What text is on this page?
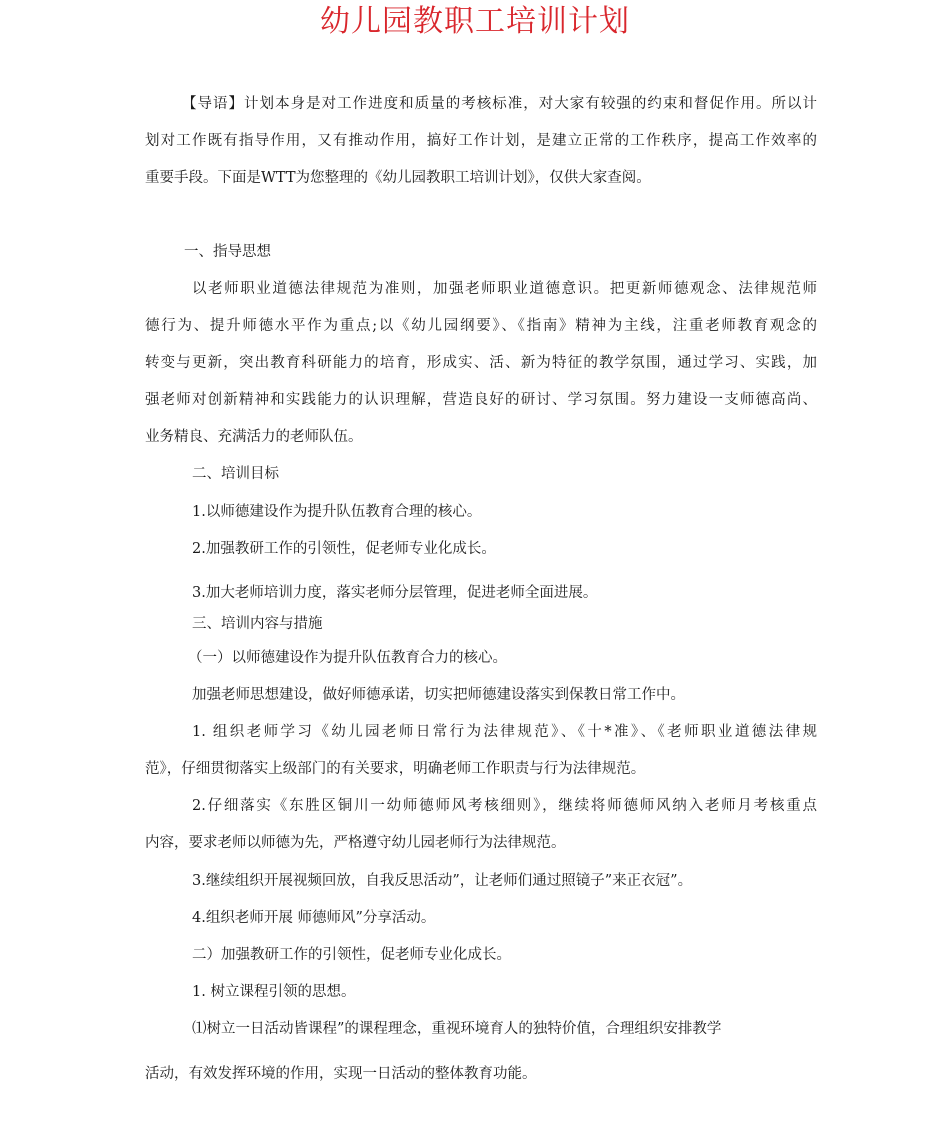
幼儿园教职工培训计划
【导语】计划本身是对工作进度和质量的考核标准，对大家有较强的约束和督促作用。所以计
划对工作既有指导作用，又有推动作用，搞好工作计划，是建立正常的工作秩序，提高工作效率的
重要手段。下面是WTT为您整理的《幼儿园教职工培训计划》，仅供大家查阅。
一、指导思想
以老师职业道德法律规范为准则，加强老师职业道德意识。把更新师德观念、法律规范师
德行为、提升师德水平作为重点;以《幼儿园纲要》、《指南》精神为主线，注重老师教育观念的
转变与更新，突出教育科研能力的培育，形成实、活、新为特征的教学氛围，通过学习、实践，加
强老师对创新精神和实践能力的认识理解，营造良好的研讨、学习氛围。努力建设一支师德高尚、
业务精良、充满活力的老师队伍。
二、培训目标
1.以师德建设作为提升队伍教育合理的核心。
2.加强教研工作的引领性，促老师专业化成长。
3.加大老师培训力度，落实老师分层管理，促进老师全面进展。
三、培训内容与措施
（一）以师德建设作为提升队伍教育合力的核心。
加强老师思想建设，做好师德承诺，切实把师德建设落实到保教日常工作中。
1. 组织老师学习《幼儿园老师日常行为法律规范》、《十*准》、《老师职业道德法律规
范》，仔细贯彻落实上级部门的有关要求，明确老师工作职责与行为法律规范。
2.仔细落实《东胜区铜川一幼师德师风考核细则》，继续将师德师风纳入老师月考核重点
内容，要求老师以师德为先，严格遵守幼儿园老师行为法律规范。
3.继续组织开展视频回放，自我反思活动”，让老师们通过照镜子”来正衣冠”。
4.组织老师开展 师德师风”分享活动。
二）加强教研工作的引领性，促老师专业化成长。
1. 树立课程引领的思想。
⑴树立一日活动皆课程”的课程理念，重视环境育人的独特价值，合理组织安排教学
活动，有效发挥环境的作用，实现一日活动的整体教育功能。
